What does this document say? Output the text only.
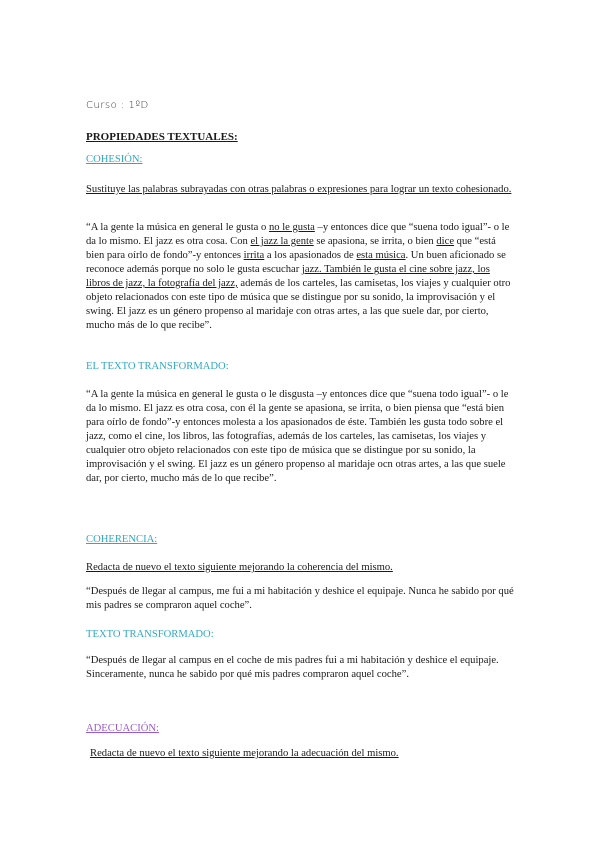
Curso : 1ºD
PROPIEDADES TEXTUALES:
COHESIÓN:
Sustituye las palabras subrayadas con otras palabras o expresiones para lograr un texto cohesionado.
“A la gente la música en general le gusta o no le gusta –y entonces dice que “suena todo igual”- o le da lo mismo. El jazz es otra cosa. Con el jazz la gente se apasiona, se irrita, o bien dice que “está bien para oírlo de fondo”-y entonces irrita a los apasionados de esta música. Un buen aficionado se reconoce además porque no solo le gusta escuchar jazz. También le gusta el cine sobre jazz, los libros de jazz, la fotografía del jazz, además de los carteles, las camisetas, los viajes y cualquier otro objeto relacionados con este tipo de música que se distingue por su sonido, la improvisación y el swing. El jazz es un género propenso al maridaje con otras artes, a las que suele dar, por cierto, mucho más de lo que recibe”.
EL TEXTO TRANSFORMADO:
“A la gente la música en general le gusta o le disgusta –y entonces dice que “suena todo igual”- o le da lo mismo. El jazz es otra cosa, con él la gente se apasiona, se irrita, o bien piensa que “está bien para oírlo de fondo”-y entonces molesta a los apasionados de éste. También les gusta todo sobre el jazz, como el cine, los libros, las fotografías, además de los carteles, las camisetas, los viajes y cualquier otro objeto relacionados con este tipo de música que se distingue por su sonido, la improvisación y el swing. El jazz es un género propenso al maridaje ocn otras artes, a las que suele dar, por cierto, mucho más de lo que recibe”.
COHERENCIA:
Redacta de nuevo el texto siguiente mejorando la coherencia del mismo.
“Después de llegar al campus, me fui a mi habitación y deshice el equipaje. Nunca he sabido por qué mis padres se compraron aquel coche”.
TEXTO TRANSFORMADO:
“Después de llegar al campus en el coche de mis padres fui a mi habitación y deshice el equipaje. Sinceramente, nunca he sabido por qué mis padres compraron aquel coche”.
ADECUACIÓN:
Redacta de nuevo el texto siguiente mejorando la adecuación del mismo.
